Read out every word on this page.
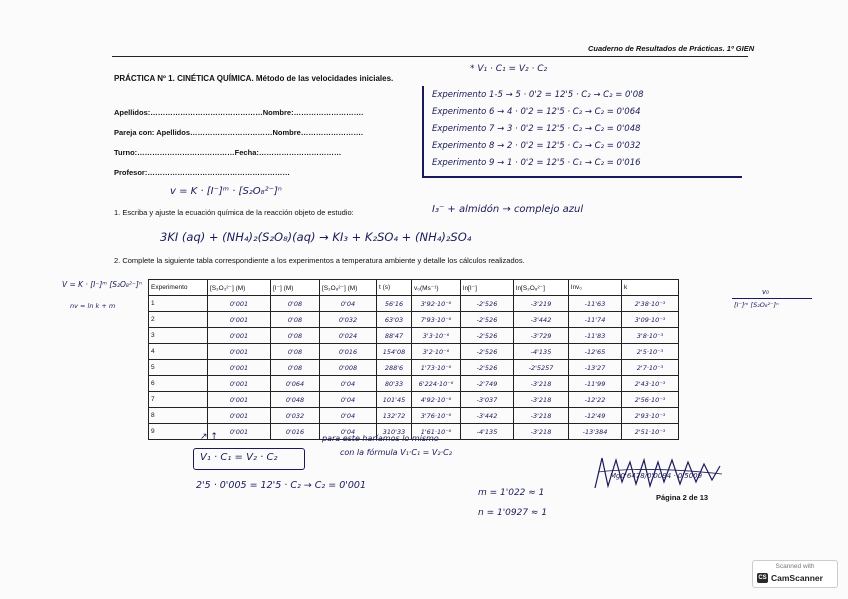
Cuaderno de Resultados de Prácticas. 1º GIEN
PRÁCTICA Nº 1. CINÉTICA QUÍMICA. Método de las velocidades iniciales.
* V₁ · C₁ = V₂ · C₂
Apellidos:………………………………………Nombre:……………………….
Pareja con: Apellidos……………………………Nombre…………………….
Turno:…………………………………Fecha:……………………………
Profesor:…………………………………………………
Experimento 1-5 → 5 · 0'2 = 12'5 · C₂ → C₂ = 0'08
Experimento 6 → 4 · 0'2 = 12'5 · C₂ → C₂ = 0'064
Experimento 7 → 3 · 0'2 = 12'5 · C₂ → C₂ = 0'048
Experimento 8 → 2 · 0'2 = 12'5 · C₂ → C₂ = 0'032
Experimento 9 → 1 · 0'2 = 12'5 · C₁ → C₂ = 0'016
v = K · [I⁻]ᵐ · [S₂O₈²⁻]ⁿ
1. Escriba y ajuste la ecuación química de la reacción objeto de estudio:	I₃⁻ + almidón → complejo azul
3KI (aq) + (NH₄)₂(S₂O₈)(aq) → KI₃ + K₂SO₄ + (NH₄)₂SO₄
2. Complete la siguiente tabla correspondiente a los experimentos a temperatura ambiente y detalle los cálculos realizados.
V = K · [I⁻]ᵐ [S₂O₈²⁻]ⁿ
nv = ln k + m
v₀
[I⁻]ᵐ [S₂O₈²⁻]ⁿ
Experimento	[S₂O₃²⁻] (M)	[I⁻] (M)	[S₂O₈²⁻] (M)	t (s)	v₀(Ms⁻¹)	ln[I⁻]	ln[S₂O₈²⁻]	lnv₀	k
1	0'001	0'08	0'04	56'16	3'92·10⁻⁶	-2'526	-3'219	-11'63	2'38·10⁻³
2	0'001	0'08	0'032	63'03	7'93·10⁻⁶	-2'526	-3'442	-11'74	3'09·10⁻³
3	0'001	0'08	0'024	88'47	3'3·10⁻⁶	-2'526	-3'729	-11'83	3'8·10⁻³
4	0'001	0'08	0'016	154'08	3'2·10⁻⁶	-2'526	-4'135	-12'65	2'5·10⁻³
5	0'001	0'08	0'008	288'6	1'73·10⁻⁶	-2'526	-2'5257	-13'27	2'7·10⁻³
6	0'001	0'064	0'04	80'33	6'224·10⁻⁶	-2'749	-3'218	-11'99	2'43·10⁻³
7	0'001	0'048	0'04	101'45	4'92·10⁻⁶	-3'037	-3'218	-12'22	2'56·10⁻³
8	0'001	0'032	0'04	132'72	3'76·10⁻⁶	-3'442	-3'218	-12'49	2'93·10⁻³
9	0'001	0'016	0'04	310'33	1'61·10⁻⁶	-4'135	-3'218	-13'384	2'51·10⁻³
↗ ↑	para este haríamos lo mismo
con la fórmula V₁·C₁ = V₂·C₂
V₁ · C₁ = V₂ · C₂
2'5 · 0'005 = 12'5 · C₂ → C₂ = 0'001
m = 1'022 ≈ 1
n = 1'0927 ≈ 1
Mg0'6478/0'0094 · 0'5009
Página 2 de 13
Scanned with
CS CamScanner
